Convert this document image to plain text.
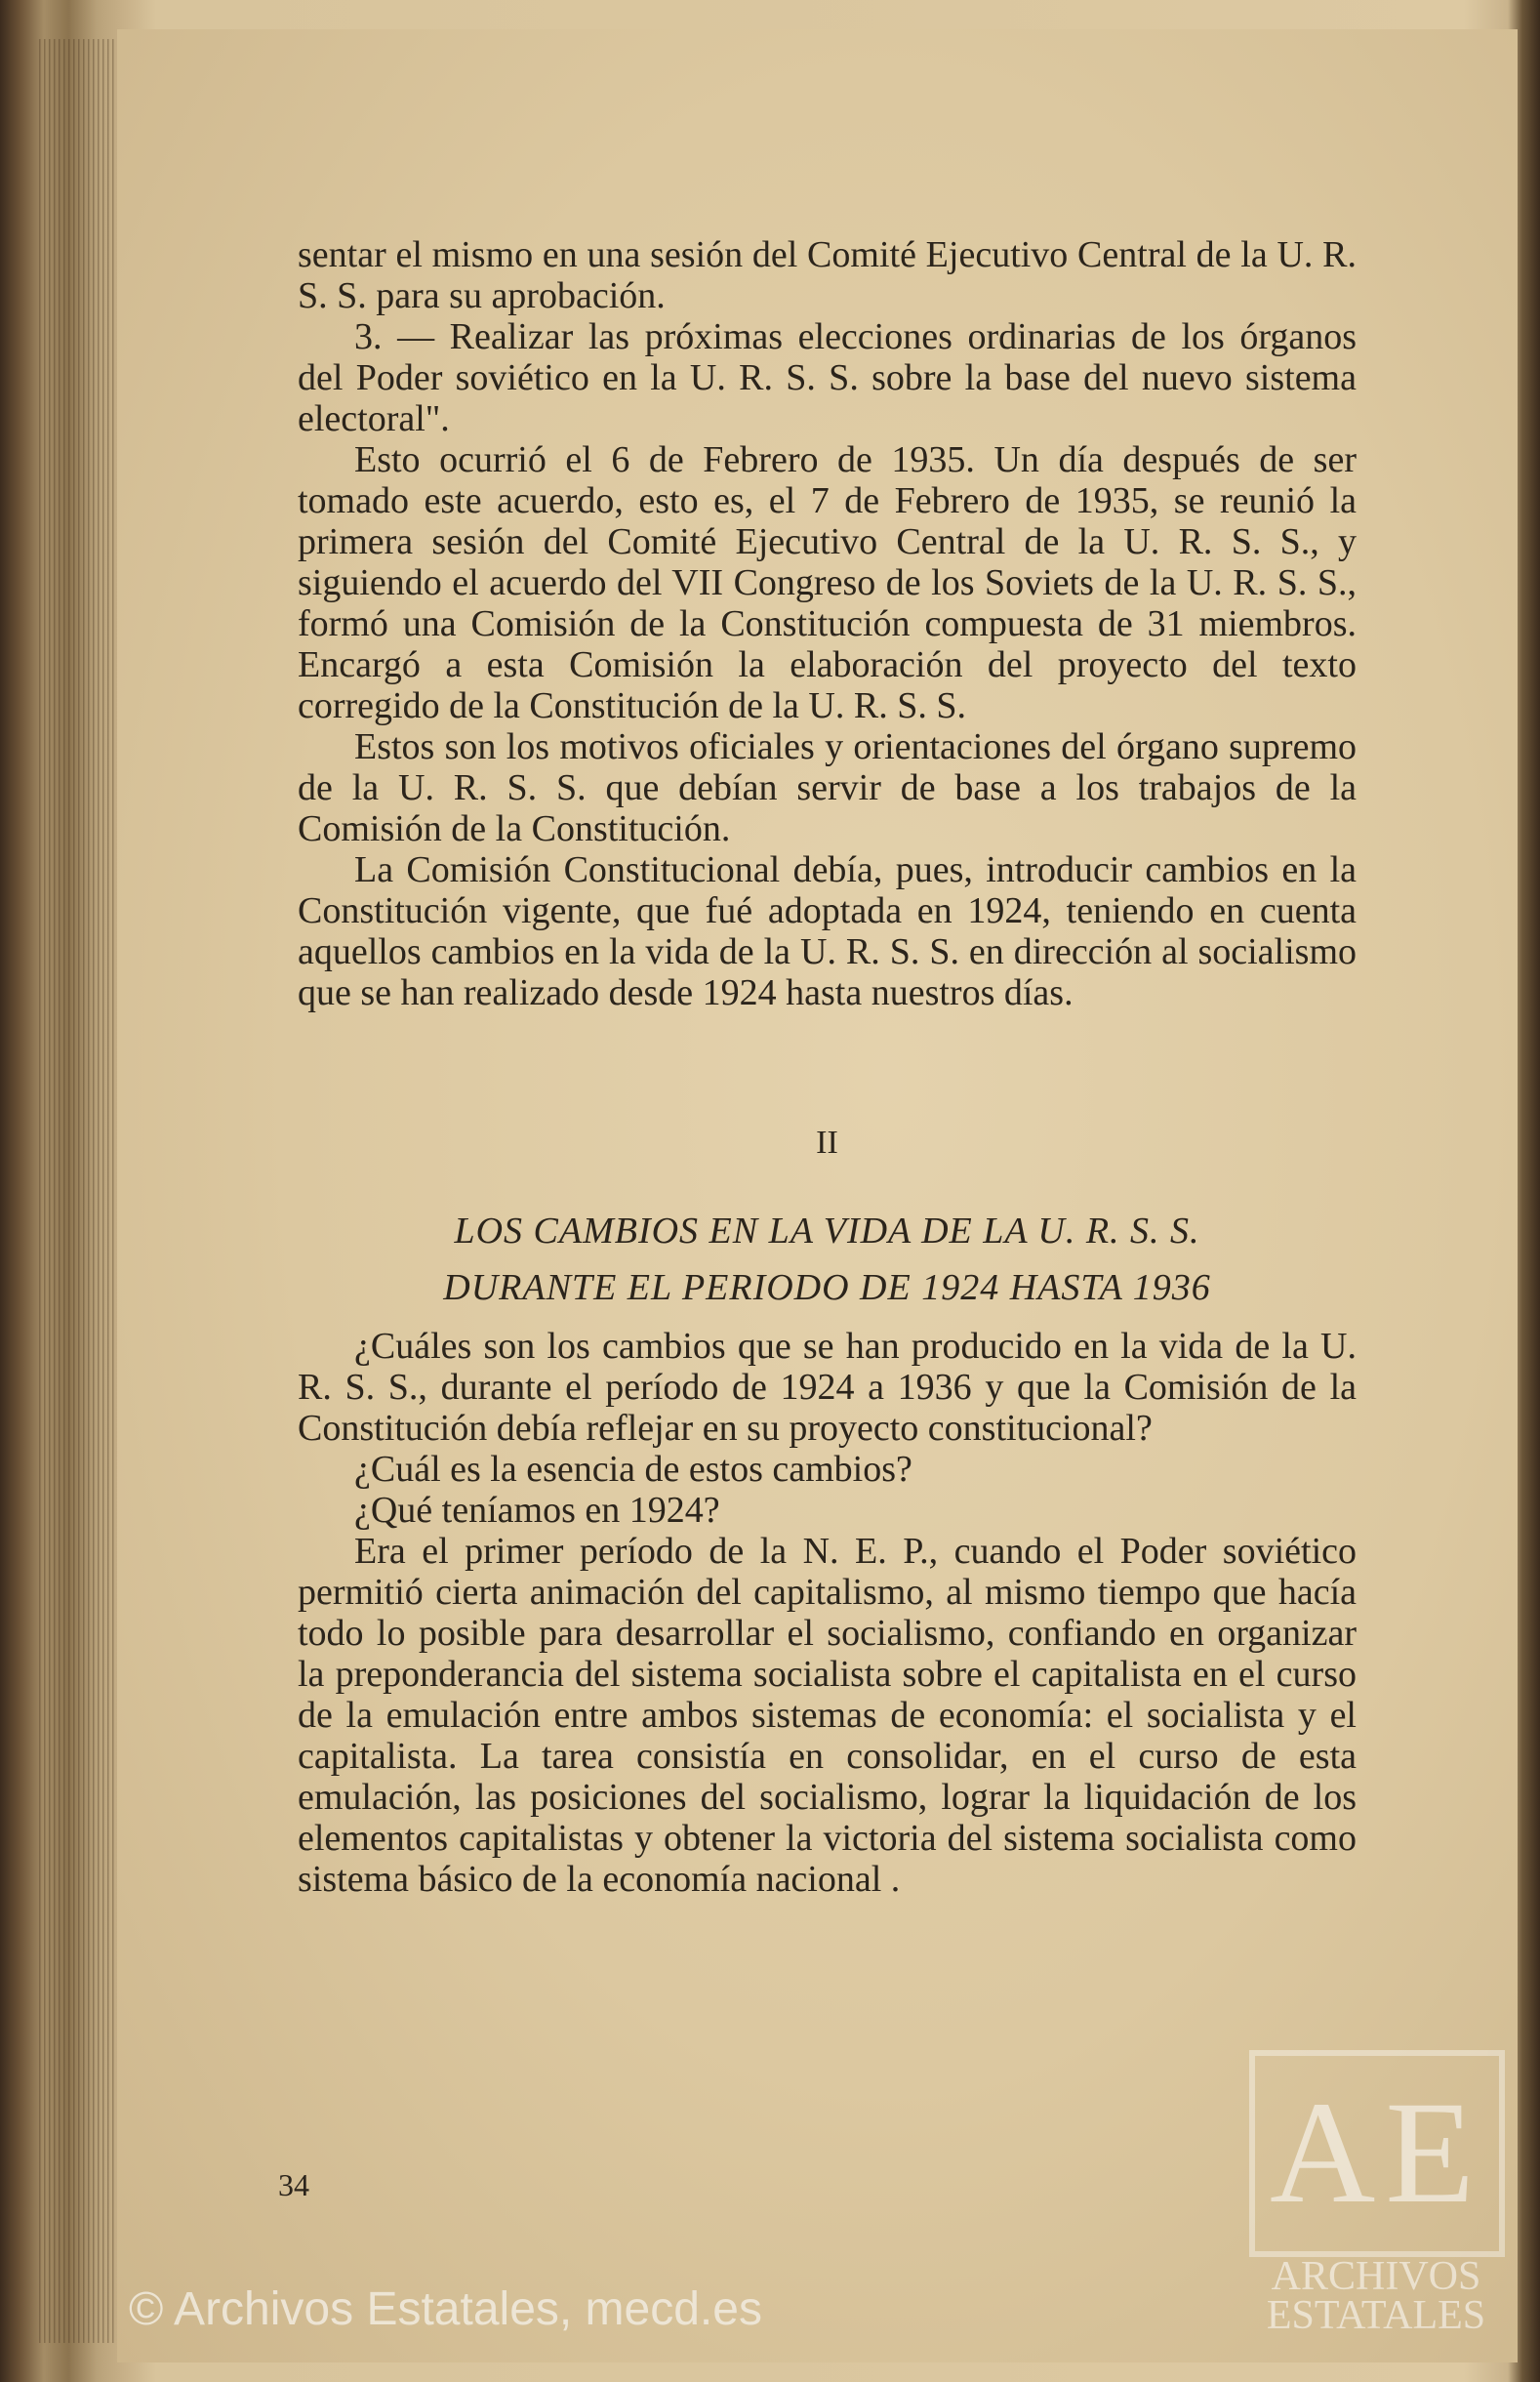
sentar el mismo en una sesión del Comité Ejecutivo Central de la U. R. S. S. para su aprobación.

3. — Realizar las próximas elecciones ordinarias de los órganos del Poder soviético en la U. R. S. S. sobre la base del nuevo sistema electoral".

Esto ocurrió el 6 de Febrero de 1935. Un día después de ser tomado este acuerdo, esto es, el 7 de Febrero de 1935, se reunió la primera sesión del Comité Ejecutivo Central de la U. R. S. S., y siguiendo el acuerdo del VII Congreso de los Soviets de la U. R. S. S., formó una Comisión de la Constitución compuesta de 31 miembros. Encargó a esta Comisión la elaboración del proyecto del texto corregido de la Constitución de la U. R. S. S.

Estos son los motivos oficiales y orientaciones del órgano supremo de la U. R. S. S. que debían servir de base a los trabajos de la Comisión de la Constitución.

La Comisión Constitucional debía, pues, introducir cambios en la Constitución vigente, que fué adoptada en 1924, teniendo en cuenta aquellos cambios en la vida de la U. R. S. S. en dirección al socialismo que se han realizado desde 1924 hasta nuestros días.

II

LOS CAMBIOS EN LA VIDA DE LA U. R. S. S.
DURANTE EL PERIODO DE 1924 HASTA 1936

¿Cuáles son los cambios que se han producido en la vida de la U. R. S. S., durante el período de 1924 a 1936 y que la Comisión de la Constitución debía reflejar en su proyecto constitucional?

¿Cuál es la esencia de estos cambios?

¿Qué teníamos en 1924?

Era el primer período de la N. E. P., cuando el Poder soviético permitió cierta animación del capitalismo, al mismo tiempo que hacía todo lo posible para desarrollar el socialismo, confiando en organizar la preponderancia del sistema socialista sobre el capitalista en el curso de la emulación entre ambos sistemas de economía: el socialista y el capitalista. La tarea consistía en consolidar, en el curso de esta emulación, las posiciones del socialismo, lograr la liquidación de los elementos capitalistas y obtener la victoria del sistema socialista como sistema básico de la economía nacional .

34
© Archivos Estatales, mecd.es
AE
ARCHIVOS
ESTATALES
